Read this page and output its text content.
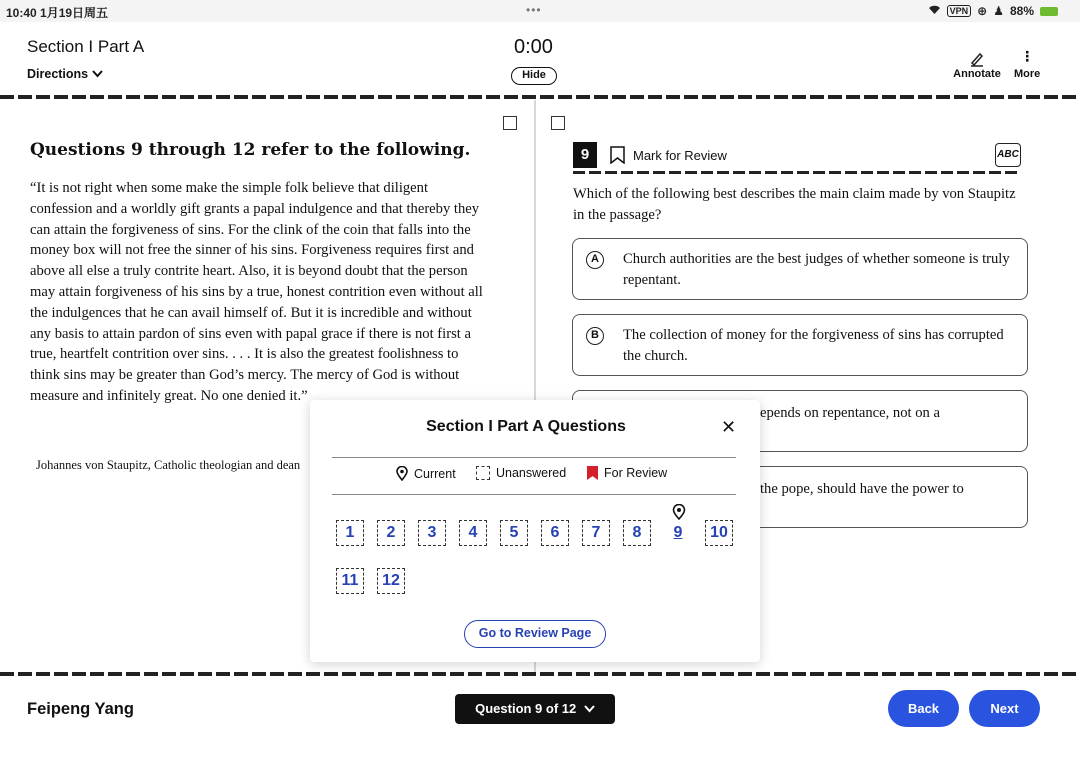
10:40 1月19日周五	•••	VPN ⊕ ♟ 88%
Section I Part A
Directions
0:00
Hide	Annotate
⋮
More
Questions 9 through 12 refer to the following.
“It is not right when some make the simple folk believe that diligent confession and a worldly gift grants a papal indulgence and that thereby they can attain the forgiveness of sins. For the clink of the coin that falls into the money box will not free the sinner of his sins. Forgiveness requires first and above all else a truly contrite heart. Also, it is beyond doubt that the person may attain forgiveness of his sins by a true, honest contrition even without all the indulgences that he can avail himself of. But it is incredible and without any basis to attain pardon of sins even with papal grace if there is not first a true, heartfelt contrition over sins. . . . It is also the greatest foolishness to think sins may be greater than God’s mercy. The mercy of God is without measure and infinitely great. No one denied it.”
Johannes von Staupitz, Catholic theologian and dean
9	Mark for Review	ABC
Which of the following best describes the main claim made by von Staupitz in the passage?
A	Church authorities are the best judges of whether someone is truly repentant.
B	The collection of money for the forgiveness of sins has corrupted the church.
epends on repentance, not on a
the pope, should have the power to
Section I Part A Questions	✕
Current	Unanswered	For Review
1	2	3	4	5	6	7	8	9	10
11	12
Go to Review Page
Feipeng Yang	Question 9 of 12	Back	Next
